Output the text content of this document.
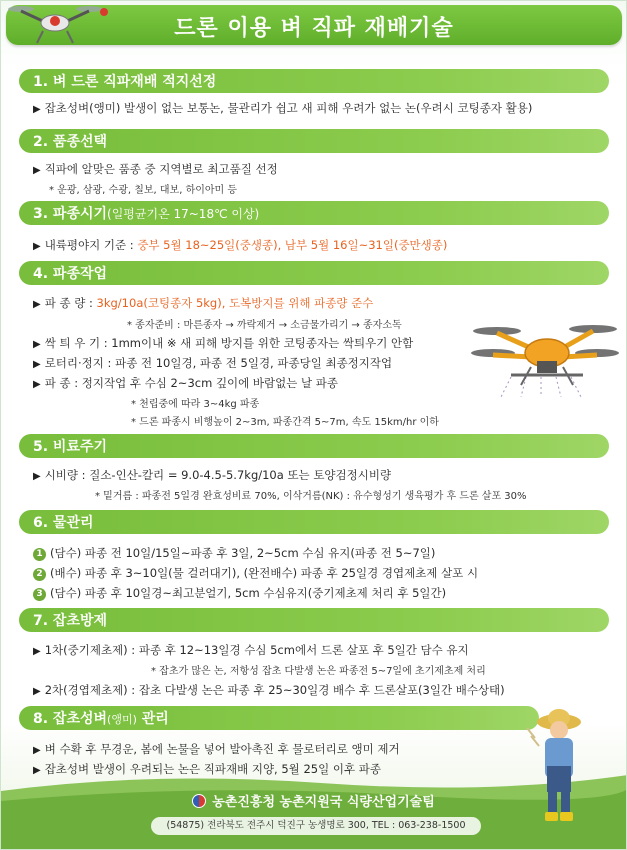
드론 이용 벼 직파 재배기술
1. 벼 드론 직파재배 적지선정
▶ 잡초성벼(앵미) 발생이 없는 보통논, 물관리가 쉽고 새 피해 우려가 없는 논(우려시 코팅종자 활용)
2. 품종선택
▶ 직파에 알맞은 품종 중 지역별로 최고품질 선정
* 운광, 삼광, 수광, 칠보, 대보, 하이아미 등
3. 파종시기(일평균기온 17~18℃ 이상)
▶ 내륙평야지 기준 : 중부 5월 18~25일(중생종), 남부 5월 16일~31일(중만생종)
4. 파종작업
▶ 파 종 량 : 3kg/10a(코팅종자 5kg), 도복방지를 위해 파종량 준수
* 종자준비 : 마른종자 → 까락제거 → 소금물가리기 → 종자소독
▶ 싹 틔 우 기 : 1mm이내 ※ 새 피해 방지를 위한 코팅종자는 싹틔우기 안함
▶ 로터리·정지 : 파종 전 10일경, 파종 전 5일경, 파종당일 최종정지작업
▶ 파 종 : 정지작업 후 수심 2~3cm 깊이에 바람없는 날 파종
* 천립중에 따라 3~4kg 파종
* 드론 파종시 비행높이 2~3m, 파종간격 5~7m, 속도 15km/hr 이하
5. 비료주기
▶ 시비량 : 질소-인산-칼리 = 9.0-4.5-5.7kg/10a 또는 토양검정시비량
* 밑거름 : 파종전 5일경 완효성비료 70%, 이삭거름(NK) : 유수형성기 생육평가 후 드론 살포 30%
6. 물관리
1 (담수) 파종 전 10일/15일~파종 후 3일, 2~5cm 수심 유지(파종 전 5~7일)
2 (배수) 파종 후 3~10일(물 걸러대기), (완전배수) 파종 후 25일경 경엽제초제 살포 시
3 (담수) 파종 후 10일경~최고분얼기, 5cm 수심유지(중기제초제 처리 후 5일간)
7. 잡초방제
▶ 1차(중기제초제) : 파종 후 12~13일경 수심 5cm에서 드론 살포 후 5일간 담수 유지
* 잡초가 많은 논, 저항성 잡초 다발생 논은 파종전 5~7일에 초기제초제 처리
▶ 2차(경엽제초제) : 잡초 다발생 논은 파종 후 25~30일경 배수 후 드론살포(3일간 배수상태)
8. 잡초성벼(앵미) 관리
▶ 벼 수확 후 무경운, 봄에 논물을 넣어 발아촉진 후 물로터리로 앵미 제거
▶ 잡초성벼 발생이 우려되는 논은 직파재배 지양, 5월 25일 이후 파종
농촌진흥청 농촌지원국 식량산업기술팀
(54875) 전라북도 전주시 덕진구 농생명로 300, TEL : 063-238-1500
